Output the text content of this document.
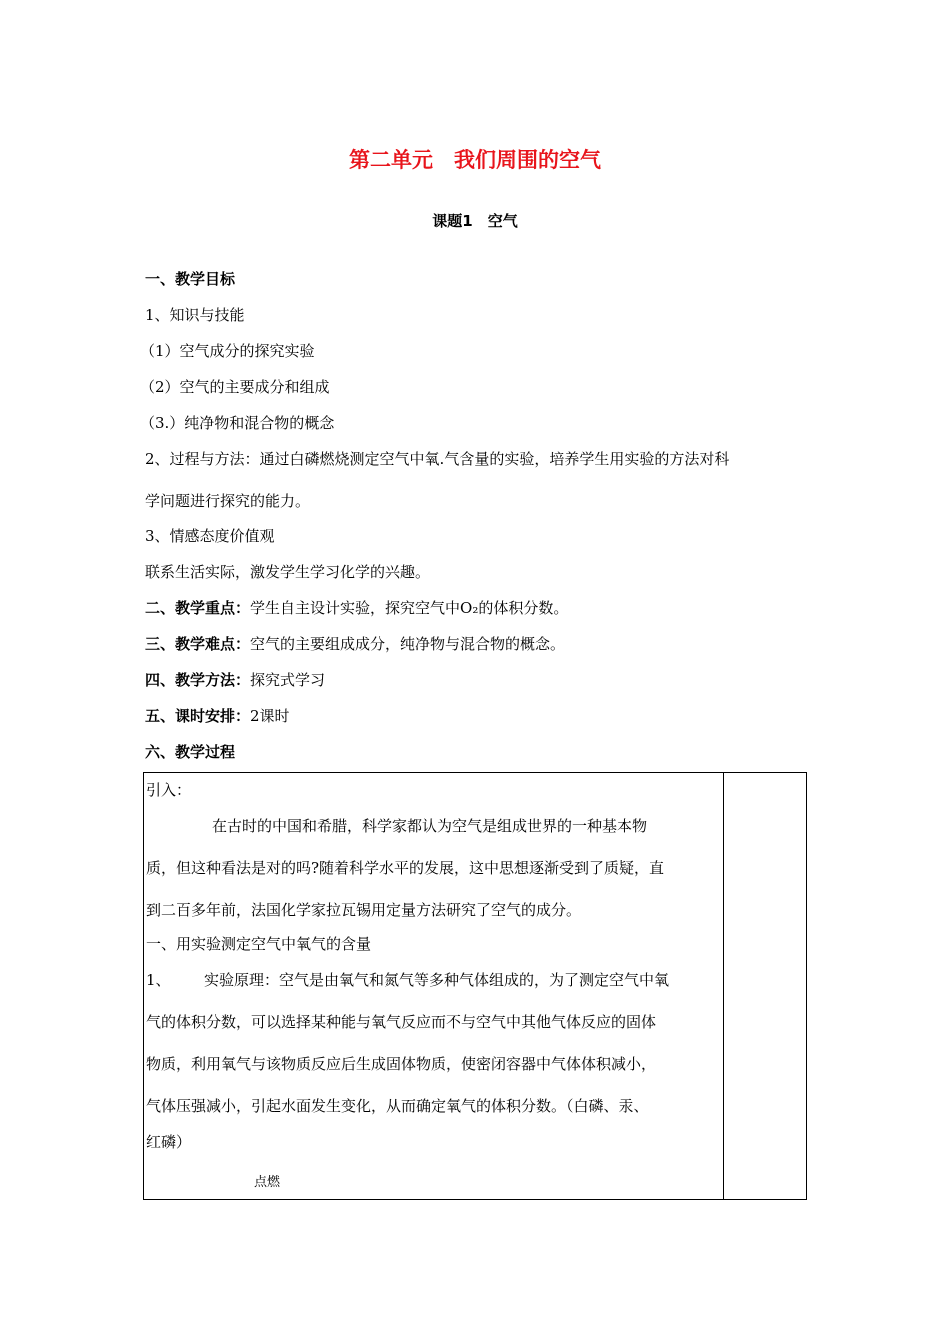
第二单元　我们周围的空气
课题1　空气
一、教学目标
1、知识与技能
（1）空气成分的探究实验
（2）空气的主要成分和组成
（3.）纯净物和混合物的概念
2、过程与方法：通过白磷燃烧测定空气中氧.气含量的实验，培养学生用实验的方法对科
学问题进行探究的能力。
3、情感态度价值观
联系生活实际，激发学生学习化学的兴趣。
二、教学重点：学生自主设计实验，探究空气中O₂的体积分数。
三、教学难点：空气的主要组成成分，纯净物与混合物的概念。
四、教学方法：探究式学习
五、课时安排：2课时
六、教学过程
引入：
在古时的中国和希腊，科学家都认为空气是组成世界的一种基本物
质，但这种看法是对的吗?随着科学水平的发展，这中思想逐渐受到了质疑，直
到二百多年前，法国化学家拉瓦锡用定量方法研究了空气的成分。
一、用实验测定空气中氧气的含量
1、 实验原理：空气是由氧气和氮气等多种气体组成的，为了测定空气中氧
气的体积分数，可以选择某种能与氧气反应而不与空气中其他气体反应的固体
物质，利用氧气与该物质反应后生成固体物质，使密闭容器中气体体积减小，
气体压强减小，引起水面发生变化，从而确定氧气的体积分数。（白磷、汞、
红磷）
点燃
